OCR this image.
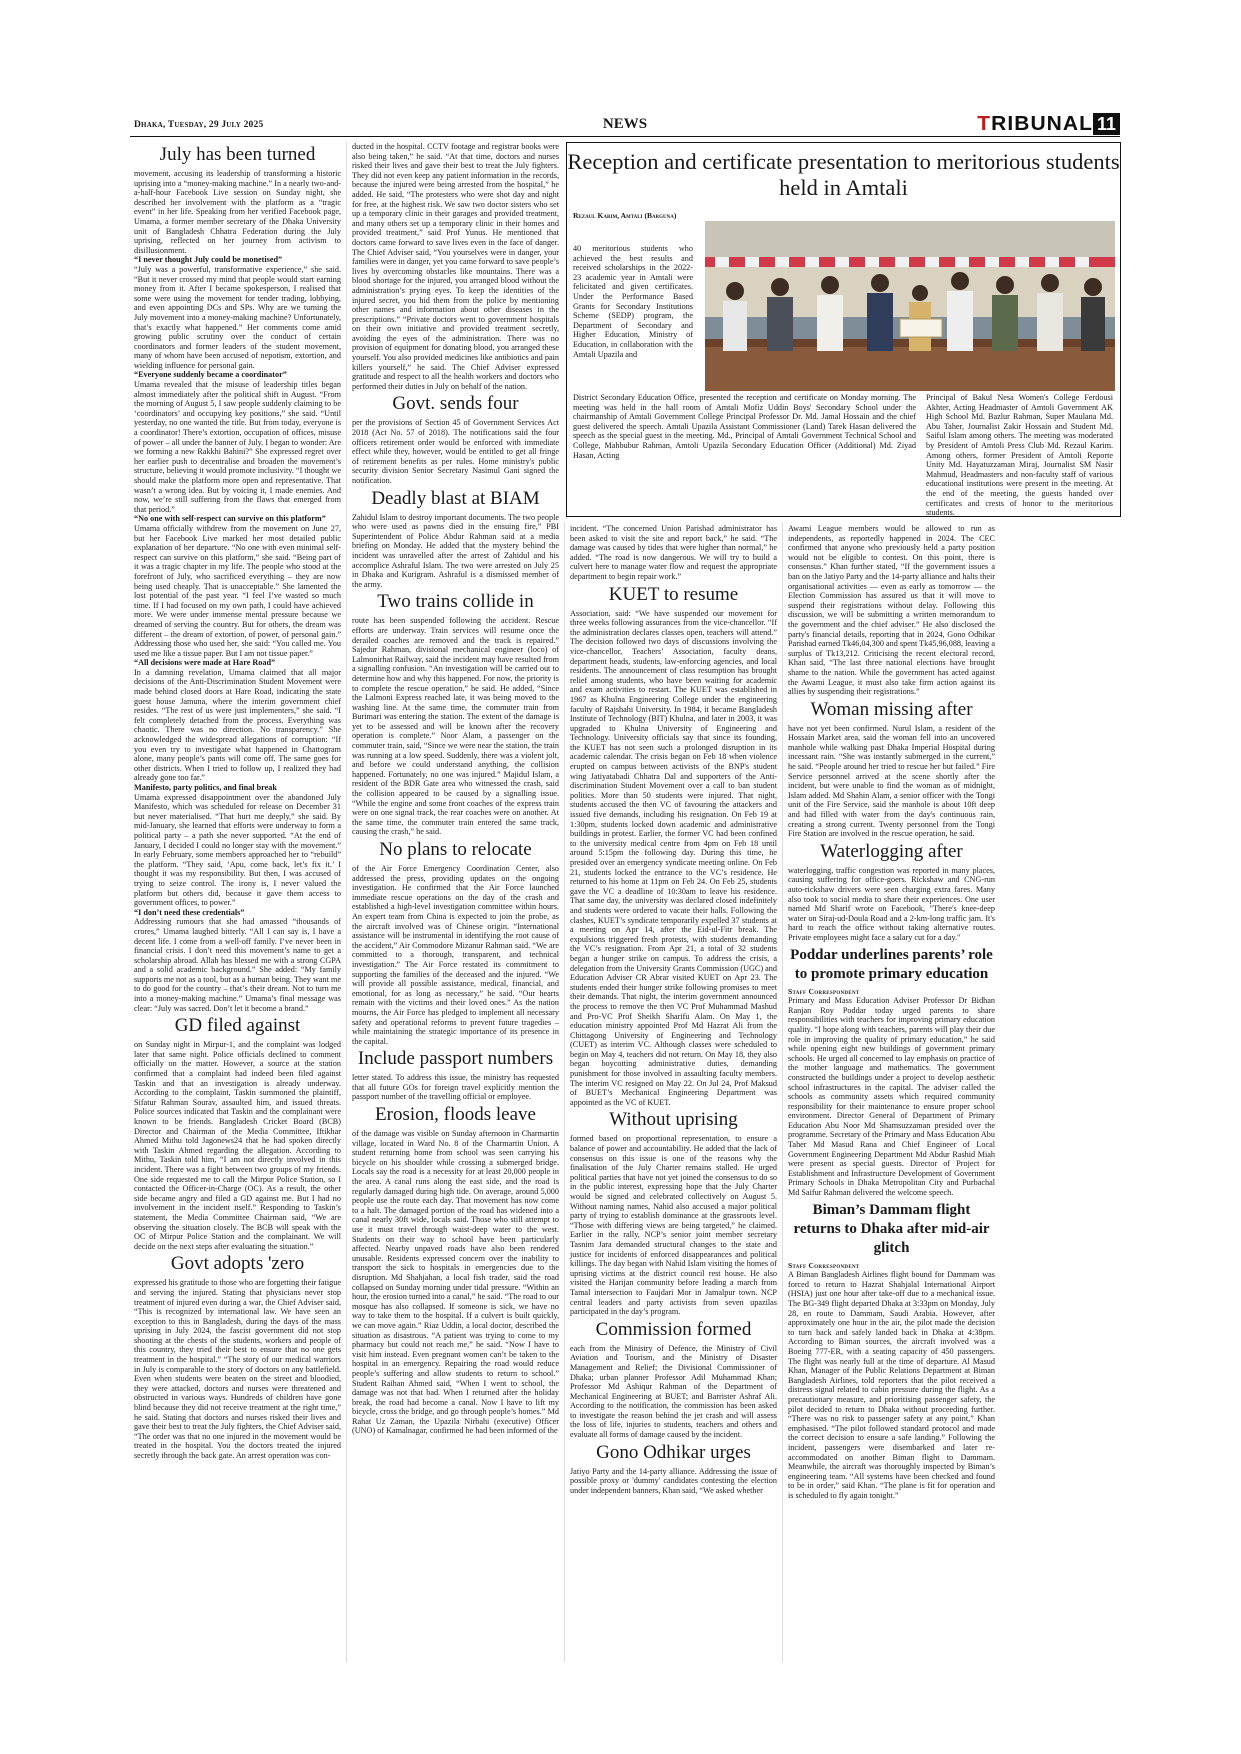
Dhaka, Tuesday, 29 July 2025	NEWS	TRIBUNAL 11
July has been turned

movement, accusing its leadership of transforming a historic uprising into a “money-making machine.” In a nearly two-and-a-half-hour Facebook Live session on Sunday night, she described her involvement with the platform as a “tragic event” in her life. Speaking from her verified Facebook page, Umama, a former member secretary of the Dhaka University unit of Bangladesh Chhatra Federation during the July uprising, reflected on her journey from activism to disillusionment.

“I never thought July could be monetised”

“July was a powerful, transformative experience,” she said. “But it never crossed my mind that people would start earning money from it. After I became spokesperson, I realised that some were using the movement for tender trading, lobbying, and even appointing DCs and SPs. Why are we turning the July movement into a money-making machine? Unfortunately, that’s exactly what happened.” Her comments come amid growing public scrutiny over the conduct of certain coordinators and former leaders of the student movement, many of whom have been accused of nepotism, extortion, and wielding influence for personal gain.

“Everyone suddenly became a coordinator”

Umama revealed that the misuse of leadership titles began almost immediately after the political shift in August. “From the morning of August 5, I saw people suddenly claiming to be ‘coordinators’ and occupying key positions,” she said. “Until yesterday, no one wanted the title. But from today, everyone is a coordinator! There’s extortion, occupation of offices, misuse of power – all under the banner of July. I began to wonder: Are we forming a new Rakkhi Bahini?” She expressed regret over her earlier push to decentralise and broaden the movement’s structure, believing it would promote inclusivity. “I thought we should make the platform more open and representative. That wasn’t a wrong idea. But by voicing it, I made enemies. And now, we’re still suffering from the flaws that emerged from that period.”

“No one with self-respect can survive on this platform”

Umama officially withdrew from the movement on June 27, but her Facebook Live marked her most detailed public explanation of her departure. “No one with even minimal self-respect can survive on this platform,” she said. “Being part of it was a tragic chapter in my life. The people who stood at the forefront of July, who sacrificed everything – they are now being used cheaply. That is unacceptable.” She lamented the lost potential of the past year. “I feel I’ve wasted so much time. If I had focused on my own path, I could have achieved more. We were under immense mental pressure because we dreamed of serving the country. But for others, the dream was different – the dream of extortion, of power, of personal gain.” Addressing those who used her, she said: “You called me. You used me like a tissue paper. But I am not tissue paper.”

“All decisions were made at Hare Road”

In a damning revelation, Umama claimed that all major decisions of the Anti-Discrimination Student Movement were made behind closed doors at Hare Road, indicating the state guest house Jamuna, where the interim government chief resides. “The rest of us were just implementers,” she said. “I felt completely detached from the process. Everything was chaotic. There was no direction. No transparency.” She acknowledged the widespread allegations of corruption: “If you even try to investigate what happened in Chattogram alone, many people’s pants will come off. The same goes for other districts. When I tried to follow up, I realized they had already gone too far.”

Manifesto, party politics, and final break

Umama expressed disappointment over the abandoned July Manifesto, which was scheduled for release on December 31 but never materialised. “That hurt me deeply,” she said. By mid-January, she learned that efforts were underway to form a political party – a path she never supported. “At the end of January, I decided I could no longer stay with the movement.” In early February, some members approached her to “rebuild” the platform. “They said, ‘Apu, come back, let’s fix it.’ I thought it was my responsibility. But then, I was accused of trying to seize control. The irony is, I never valued the platform but others did, because it gave them access to government offices, to power.”

“I don’t need these credentials”

Addressing rumours that she had amassed “thousands of crores,” Umama laughed bitterly. “All I can say is, I have a decent life. I come from a well-off family. I’ve never been in financial crisis. I don’t need this movement’s name to get a scholarship abroad. Allah has blessed me with a strong CGPA and a solid academic background.” She added: “My family supports me not as a tool, but as a human being. They want me to do good for the country – that’s their dream. Not to turn me into a money-making machine.” Umama’s final message was clear: “July was sacred. Don’t let it become a brand.”

GD filed against

on Sunday night in Mirpur-1, and the complaint was lodged later that same night. Police officials declined to comment officially on the matter. However, a source at the station confirmed that a complaint had indeed been filed against Taskin and that an investigation is already underway. According to the complaint, Taskin summoned the plaintiff, Sifatur Rahman Sourav, assaulted him, and issued threats. Police sources indicated that Taskin and the complainant were known to be friends. Bangladesh Cricket Board (BCB) Director and Chairman of the Media Committee, Iftikhar Ahmed Mithu told Jagonews24 that he had spoken directly with Taskin Ahmed regarding the allegation. According to Mithu, Taskin told him, “I am not directly involved in this incident. There was a fight between two groups of my friends. One side requested me to call the Mirpur Police Station, so I contacted the Officer-in-Charge (OC). As a result, the other side became angry and filed a GD against me. But I had no involvement in the incident itself.” Responding to Taskin’s statement, the Media Committee Chairman said, “We are observing the situation closely. The BCB will speak with the OC of Mirpur Police Station and the complainant. We will decide on the next steps after evaluating the situation.”

Govt adopts 'zero

expressed his gratitude to those who are forgetting their fatigue and serving the injured. Stating that physicians never stop treatment of injured even during a war, the Chief Adviser said, “This is recognized by international law. We have seen an exception to this in Bangladesh, during the days of the mass uprising in July 2024, the fascist government did not stop shooting at the chests of the students, workers and people of this country, they tried their best to ensure that no one gets treatment in the hospital.” “The story of our medical warriors in July is comparable to the story of doctors on any battlefield. Even when students were beaten on the street and bloodied, they were attacked, doctors and nurses were threatened and obstructed in various ways. Hundreds of children have gone blind because they did not receive treatment at the right time,” he said. Stating that doctors and nurses risked their lives and gave their best to treat the July fighters, the Chief Adviser said, “The order was that no one injured in the movement would be treated in the hospital. You the doctors treated the injured secretly through the back gate. An arrest operation was con-

ducted in the hospital. CCTV footage and registrar books were also being taken,” he said. “At that time, doctors and nurses risked their lives and gave their best to treat the July fighters. They did not even keep any patient information in the records, because the injured were being arrested from the hospital,” he added. He said, “The protesters who were shot day and night for free, at the highest risk. We saw two doctor sisters who set up a temporary clinic in their garages and provided treatment, and many others set up a temporary clinic in their homes and provided treatment,” said Prof Yunus. He mentioned that doctors came forward to save lives even in the face of danger. The Chief Adviser said, “You yourselves were in danger, your families were in danger, yet you came forward to save people’s lives by overcoming obstacles like mountains. There was a blood shortage for the injured, you arranged blood without the administration’s prying eyes. To keep the identities of the injured secret, you hid them from the police by mentioning other names and information about other diseases in the prescriptions.” “Private doctors went to government hospitals on their own initiative and provided treatment secretly, avoiding the eyes of the administration. There was no provision of equipment for donating blood, you arranged these yourself. You also provided medicines like antibiotics and pain killers yourself,” he said. The Chief Adviser expressed gratitude and respect to all the health workers and doctors who performed their duties in July on behalf of the nation.

Govt. sends four

per the provisions of Section 45 of Government Services Act 2018 (Act No. 57 of 2018). The notifications said the four officers retirement order would be enforced with immediate effect while they, however, would be entitled to get all fringe of retirement benefits as per rules. Home ministry's public security division Senior Secretary Nasimul Gani signed the notification.

Deadly blast at BIAM

Zahidul Islam to destroy important documents. The two people who were used as pawns died in the ensuing fire,” PBI Superintendent of Police Abdur Rahman said at a media briefing on Monday. He added that the mystery behind the incident was unravelled after the arrest of Zahidul and his accomplice Ashraful Islam. The two were arrested on July 25 in Dhaka and Kurigram. Ashraful is a dismissed member of the army.

Two trains collide in

route has been suspended following the accident. Rescue efforts are underway. Train services will resume once the derailed coaches are removed and the track is repaired.” Sajedur Rahman, divisional mechanical engineer (loco) of Lalmonirhat Railway, said the incident may have resulted from a signalling confusion. “An investigation will be carried out to determine how and why this happened. For now, the priority is to complete the rescue operation,” he said. He added, “Since the Lalmoni Express reached late, it was being moved to the washing line. At the same time, the commuter train from Burimari was entering the station. The extent of the damage is yet to be assessed and will be known after the recovery operation is complete.” Noor Alam, a passenger on the commuter train, said, “Since we were near the station, the train was running at a low speed. Suddenly, there was a violent jolt, and before we could understand anything, the collision happened. Fortunately, no one was injured.” Majidul Islam, a resident of the BDR Gate area who witnessed the crash, said the collision appeared to be caused by a signalling issue. “While the engine and some front coaches of the express train were on one signal track, the rear coaches were on another. At the same time, the commuter train entered the same track, causing the crash,” he said.

No plans to relocate

of the Air Force Emergency Coordination Center, also addressed the press, providing updates on the ongoing investigation. He confirmed that the Air Force launched immediate rescue operations on the day of the crash and established a high-level investigation committee within hours. An expert team from China is expected to join the probe, as the aircraft involved was of Chinese origin. “International assistance will be instrumental in identifying the root cause of the accident,” Air Commodore Mizanur Rahman said. “We are committed to a thorough, transparent, and technical investigation.” The Air Force restated its commitment to supporting the families of the deceased and the injured. “We will provide all possible assistance, medical, financial, and emotional, for as long as necessary,” he said. “Our hearts remain with the victims and their loved ones.” As the nation mourns, the Air Force has pledged to implement all necessary safety and operational reforms to prevent future tragedies – while maintaining the strategic importance of its presence in the capital.

Include passport numbers

letter stated. To address this issue, the ministry has requested that all future GOs for foreign travel explicitly mention the passport number of the travelling official or employee.

Erosion, floods leave

of the damage was visible on Sunday afternoon in Charmartin village, located in Ward No. 8 of the Charmartin Union. A student returning home from school was seen carrying his bicycle on his shoulder while crossing a submerged bridge. Locals say the road is a necessity for at least 20,000 people in the area. A canal runs along the east side, and the road is regularly damaged during high tide. On average, around 5,000 people use the route each day. That movement has now come to a halt. The damaged portion of the road has widened into a canal nearly 30ft wide, locals said. Those who still attempt to use it must travel through waist-deep water to the west. Students on their way to school have been particularly affected. Nearby unpaved roads have also been rendered unusable. Residents expressed concern over the inability to transport the sick to hospitals in emergencies due to the disruption. Md Shahjahan, a local fish trader, said the road collapsed on Sunday morning under tidal pressure. “Within an hour, the erosion turned into a canal,” he said. “The road to our mosque has also collapsed. If someone is sick, we have no way to take them to the hospital. If a culvert is built quickly, we can move again.” Riaz Uddin, a local doctor, described the situation as disastrous. “A patient was trying to come to my pharmacy but could not reach me,” he said. “Now I have to visit him instead. Even pregnant women can’t be taken to the hospital in an emergency. Repairing the road would reduce people’s suffering and allow students to return to school.” Student Raihan Ahmed said, “When I went to school, the damage was not that bad. When I returned after the holiday break, the road had become a canal. Now I have to lift my bicycle, cross the bridge, and go through people’s homes.” Md Rahat Uz Zaman, the Upazila Nirbahi (executive) Officer (UNO) of Kamalnagar, confirmed he had been informed of the

Reception and certificate presentation to meritorious students held in Amtali
Rezaul Karim, Amtali (Barguna)
40 meritorious students who achieved the best results and received scholarships in the 2022-23 academic year in Amtali were felicitated and given certificates. Under the Performance Based Grants for Secondary Institutions Scheme (SEDP) program, the Department of Secondary and Higher Education, Ministry of Education, in collaboration with the Amtali Upazila and
District Secondary Education Office, presented the reception and certificate on Monday morning. The meeting was held in the hall room of Amtali Mofiz Uddin Boys' Secondary School under the chairmanship of Amtali Government College Principal Professor Dr. Md. Jamal Hossain and the chief guest delivered the speech. Amtali Upazila Assistant Commissioner (Land) Tarek Hasan delivered the speech as the special guest in the meeting. Md., Principal of Amtali Government Technical School and College, Mahbubur Rahman, Amtoli Upazila Secondary Education Officer (Additional) Md. Ziyad Hasan, Acting
Principal of Bakul Nesa Women's College Ferdousi Akhter, Acting Headmaster of Amtoli Government AK High School Md. Bazlur Rahman, Super Maulana Md. Abu Taher, Journalist Zakir Hossain and Student Md. Saiful Islam among others. The meeting was moderated by President of Amtoli Press Club Md. Rezaul Karim. Among others, former President of Amtoli Reporte Unity Md. Hayatuzzaman Miraj, Journalist SM Nasir Mahmud, Headmasters and non-faculty staff of various educational institutions were present in the meeting. At the end of the meeting, the guests handed over certificates and crests of honor to the meritorious students.

incident. “The concerned Union Parishad administrator has been asked to visit the site and report back,” he said. “The damage was caused by tides that were higher than normal,” he added. “The road is now dangerous. We will try to build a culvert here to manage water flow and request the appropriate department to begin repair work.”

KUET to resume

Association, said: “We have suspended our movement for three weeks following assurances from the vice-chancellor. “If the administration declares classes open, teachers will attend.” The decision followed two days of discussions involving the vice-chancellor, Teachers’ Association, faculty deans, department heads, students, law-enforcing agencies, and local residents. The announcement of class resumption has brought relief among students, who have been waiting for academic and exam activities to restart. The KUET was established in 1967 as Khulna Engineering College under the engineering faculty of Rajshahi University. In 1984, it became Bangladesh Institute of Technology (BIT) Khulna, and later in 2003, it was upgraded to Khulna University of Engineering and Technology. University officials say that since its founding, the KUET has not seen such a prolonged disruption in its academic calendar. The crisis began on Feb 18 when violence erupted on campus between activists of the BNP's student wing Jatiyatabadi Chhatra Dal and supporters of the Anti-discrimination Student Movement over a call to ban student politics. More than 50 students were injured. That night, students accused the then VC of favouring the attackers and issued five demands, including his resignation. On Feb 19 at 1:30pm, students locked down academic and administrative buildings in protest. Earlier, the former VC had been confined to the university medical centre from 4pm on Feb 18 until around 5:15pm the following day. During this time, he presided over an emergency syndicate meeting online. On Feb 21, students locked the entrance to the VC’s residence. He returned to his home at 11pm on Feb 24. On Feb 25, students gave the VC a deadline of 10:30am to leave his residence. That same day, the university was declared closed indefinitely and students were ordered to vacate their halls. Following the clashes, KUET’s syndicate temporarily expelled 37 students at a meeting on Apr 14, after the Eid-ul-Fitr break. The expulsions triggered fresh protests, with students demanding the VC’s resignation. From Apr 21, a total of 32 students began a hunger strike on campus. To address the crisis, a delegation from the University Grants Commission (UGC) and Education Adviser CR Abrar visited KUET on Apr 23. The students ended their hunger strike following promises to meet their demands. That night, the interim government announced the process to remove the then VC Prof Muhammad Mashud and Pro-VC Prof Sheikh Sharifu Alam. On May 1, the education ministry appointed Prof Md Hazrat Ali from the Chittagong University of Engineering and Technology (CUET) as interim VC. Although classes were scheduled to begin on May 4, teachers did not return. On May 18, they also began boycotting administrative duties, demanding punishment for those involved in assaulting faculty members. The interim VC resigned on May 22. On Jul 24, Prof Maksud of BUET’s Mechanical Engineering Department was appointed as the VC of KUET.

Without uprising

formed based on proportional representation, to ensure a balance of power and accountability. He added that the lack of consensus on this issue is one of the reasons why the finalisation of the July Charter remains stalled. He urged political parties that have not yet joined the consensus to do so in the public interest, expressing hope that the July Charter would be signed and celebrated collectively on August 5. Without naming names, Nahid also accused a major political party of trying to establish dominance at the grassroots level. “Those with differing views are being targeted,” he claimed. Earlier in the rally, NCP’s senior joint member secretary Tasnim Jara demanded structural changes to the state and justice for incidents of enforced disappearances and political killings. The day began with Nahid Islam visiting the homes of uprising victims at the district council rest house. He also visited the Harijan community before leading a march from Tamal intersection to Faujdari Mor in Jamalpur town. NCP central leaders and party activists from seven upazilas participated in the day’s program.

Commission formed

each from the Ministry of Defence, the Ministry of Civil Aviation and Tourism, and the Ministry of Disaster Management and Relief; the Divisional Commissioner of Dhaka; urban planner Professor Adil Muhammad Khan; Professor Md Ashiqur Rahman of the Department of Mechanical Engineering at BUET; and Barrister Ashraf Ali. According to the notification, the commission has been asked to investigate the reason behind the jet crash and will assess the loss of life, injuries to students, teachers and others and evaluate all forms of damage caused by the incident.

Gono Odhikar urges

Jatiyo Party and the 14-party alliance. Addressing the issue of possible proxy or 'dummy' candidates contesting the election under independent banners, Khan said, “We asked whether

Awami League members would be allowed to run as independents, as reportedly happened in 2024. The CEC confirmed that anyone who previously held a party position would not be eligible to contest. On this point, there is consensus.” Khan further stated, “If the government issues a ban on the Jatiyo Party and the 14-party alliance and halts their organisational activities — even as early as tomorrow — the Election Commission has assured us that it will move to suspend their registrations without delay. Following this discussion, we will be submitting a written memorandum to the government and the chief adviser.” He also disclosed the party's financial details, reporting that in 2024, Gono Odhikar Parishad earned Tk46,04,300 and spent Tk45,96,088, leaving a surplus of Tk13,212. Criticising the recent electoral record, Khan said, “The last three national elections have brought shame to the nation. While the government has acted against the Awami League, it must also take firm action against its allies by suspending their registrations.”

Woman missing after

have not yet been confirmed. Nurul Islam, a resident of the Hossain Market area, said the woman fell into an uncovered manhole while walking past Dhaka Imperial Hospital during incessant rain. “She was instantly submerged in the current,” he said. “People around her tried to rescue her but failed.” Fire Service personnel arrived at the scene shortly after the incident, but were unable to find the woman as of midnight, Islam added. Md Shahin Alam, a senior officer with the Tongi unit of the Fire Service, said the manhole is about 10ft deep and had filled with water from the day's continuous rain, creating a strong current. Twenty personnel from the Tongi Fire Station are involved in the rescue operation, he said.

Waterlogging after

waterlogging, traffic congestion was reported in many places, causing suffering for office-goers. Rickshaw and CNG-run auto-rickshaw drivers were seen charging extra fares. Many also took to social media to share their experiences. One user named Md Sharif wrote on Facebook, "There's knee-deep water on Siraj-ud-Doula Road and a 2-km-long traffic jam. It's hard to reach the office without taking alternative routes. Private employees might face a salary cut for a day."

Poddar underlines parents’ role to promote primary education

Staff Correspondent

Primary and Mass Education Adviser Professor Dr Bidhan Ranjan Roy Poddar today urged parents to share responsibilities with teachers for improving primary education quality. “I hope along with teachers, parents will play their due role in improving the quality of primary education,” he said while opening eight new buildings of government primary schools. He urged all concerned to lay emphasis on practice of the mother language and mathematics. The government constructed the buildings under a project to develop aesthetic school infrastructures in the capital. The adviser called the schools as community assets which required community responsibility for their maintenance to ensure proper school environment. Director General of Department of Primary Education Abu Noor Md Shamsuzzaman presided over the programme. Secretary of the Primary and Mass Education Abu Taher Md Masud Rana and Chief Engineer of Local Government Engineering Department Md Abdur Rashid Miah were present as special guests. Director of Project for Establishment and Infrastructure Development of Government Primary Schools in Dhaka Metropolitan City and Purbachal Md Saifur Rahman delivered the welcome speech.

Biman’s Dammam flight returns to Dhaka after mid-air glitch

Staff Correspondent

A Biman Bangladesh Airlines flight bound for Dammam was forced to return to Hazrat Shahjalal International Airport (HSIA) just one hour after take-off due to a mechanical issue. The BG-349 flight departed Dhaka at 3:33pm on Monday, July 28, en route to Dammam, Saudi Arabia. However, after approximately one hour in the air, the pilot made the decision to turn back and safely landed back in Dhaka at 4:38pm. According to Biman sources, the aircraft involved was a Boeing 777-ER, with a seating capacity of 450 passengers. The flight was nearly full at the time of departure. Al Masud Khan, Manager of the Public Relations Department at Biman Bangladesh Airlines, told reporters that the pilot received a distress signal related to cabin pressure during the flight. As a precautionary measure, and prioritising passenger safety, the pilot decided to return to Dhaka without proceeding further. “There was no risk to passenger safety at any point,” Khan emphasised. “The pilot followed standard protocol and made the correct decision to ensure a safe landing.” Following the incident, passengers were disembarked and later re-accommodated on another Biman flight to Dammam. Meanwhile, the aircraft was thoroughly inspected by Biman’s engineering team. “All systems have been checked and found to be in order,” said Khan. “The plane is fit for operation and is scheduled to fly again tonight.”
